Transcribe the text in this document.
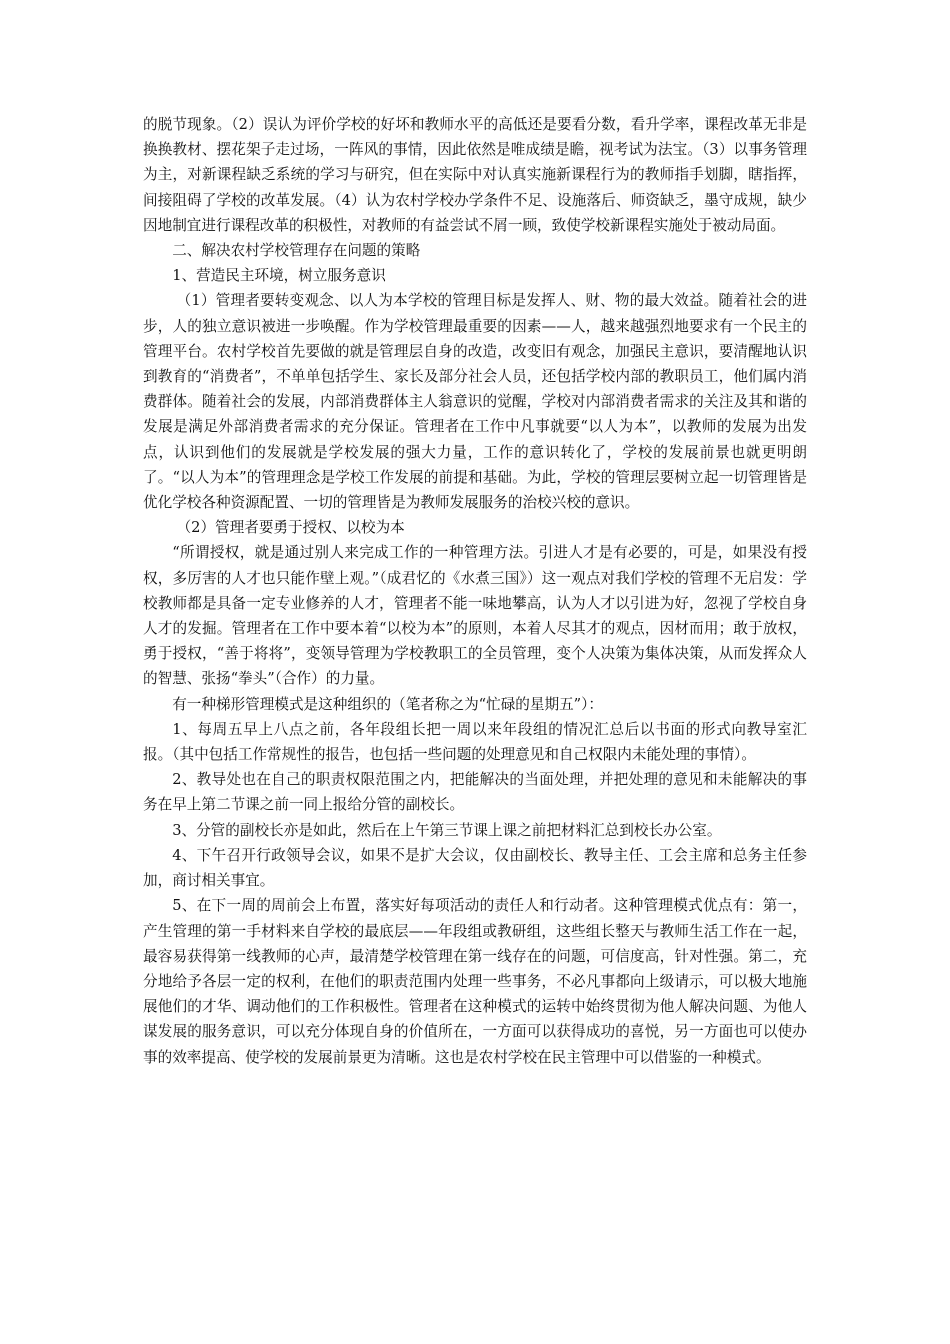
的脱节现象。（2）误认为评价学校的好坏和教师水平的高低还是要看分数，看升学率，课程改革无非是换换教材、摆花架子走过场，一阵风的事情，因此依然是唯成绩是瞻，视考试为法宝。（3）以事务管理为主，对新课程缺乏系统的学习与研究，但在实际中对认真实施新课程行为的教师指手划脚，瞎指挥，间接阻碍了学校的改革发展。（4）认为农村学校办学条件不足、设施落后、师资缺乏，墨守成规，缺少因地制宜进行课程改革的积极性，对教师的有益尝试不屑一顾，致使学校新课程实施处于被动局面。

二、解决农村学校管理存在问题的策略

1、营造民主环境，树立服务意识

（1）管理者要转变观念、以人为本学校的管理目标是发挥人、财、物的最大效益。随着社会的进步，人的独立意识被进一步唤醒。作为学校管理最重要的因素——人，越来越强烈地要求有一个民主的管理平台。农村学校首先要做的就是管理层自身的改造，改变旧有观念，加强民主意识，要清醒地认识到教育的“消费者”，不单单包括学生、家长及部分社会人员，还包括学校内部的教职员工，他们属内消费群体。随着社会的发展，内部消费群体主人翁意识的觉醒，学校对内部消费者需求的关注及其和谐的发展是满足外部消费者需求的充分保证。管理者在工作中凡事就要“以人为本”，以教师的发展为出发点，认识到他们的发展就是学校发展的强大力量，工作的意识转化了，学校的发展前景也就更明朗了。“以人为本”的管理理念是学校工作发展的前提和基础。为此，学校的管理层要树立起一切管理皆是优化学校各种资源配置、一切的管理皆是为教师发展服务的治校兴校的意识。

（2）管理者要勇于授权、以校为本

“所谓授权，就是通过别人来完成工作的一种管理方法。引进人才是有必要的，可是，如果没有授权，多厉害的人才也只能作壁上观。”（成君忆的《水煮三国》）这一观点对我们学校的管理不无启发：学校教师都是具备一定专业修养的人才，管理者不能一味地攀高，认为人才以引进为好，忽视了学校自身人才的发掘。管理者在工作中要本着“以校为本”的原则，本着人尽其才的观点，因材而用；敢于放权，勇于授权，“善于将将”，变领导管理为学校教职工的全员管理，变个人决策为集体决策，从而发挥众人的智慧、张扬“拳头”（合作）的力量。

有一种梯形管理模式是这种组织的（笔者称之为“忙碌的星期五”）：

1、每周五早上八点之前，各年段组长把一周以来年段组的情况汇总后以书面的形式向教导室汇报。（其中包括工作常规性的报告，也包括一些问题的处理意见和自己权限内未能处理的事情）。

2、教导处也在自己的职责权限范围之内，把能解决的当面处理，并把处理的意见和未能解决的事务在早上第二节课之前一同上报给分管的副校长。

3、分管的副校长亦是如此，然后在上午第三节课上课之前把材料汇总到校长办公室。

4、下午召开行政领导会议，如果不是扩大会议，仅由副校长、教导主任、工会主席和总务主任参加，商讨相关事宜。

5、在下一周的周前会上布置，落实好每项活动的责任人和行动者。这种管理模式优点有：第一，产生管理的第一手材料来自学校的最底层——年段组或教研组，这些组长整天与教师生活工作在一起，最容易获得第一线教师的心声，最清楚学校管理在第一线存在的问题，可信度高，针对性强。第二，充分地给予各层一定的权利，在他们的职责范围内处理一些事务，不必凡事都向上级请示，可以极大地施展他们的才华、调动他们的工作积极性。管理者在这种模式的运转中始终贯彻为他人解决问题、为他人谋发展的服务意识，可以充分体现自身的价值所在，一方面可以获得成功的喜悦，另一方面也可以使办事的效率提高、使学校的发展前景更为清晰。这也是农村学校在民主管理中可以借鉴的一种模式。
